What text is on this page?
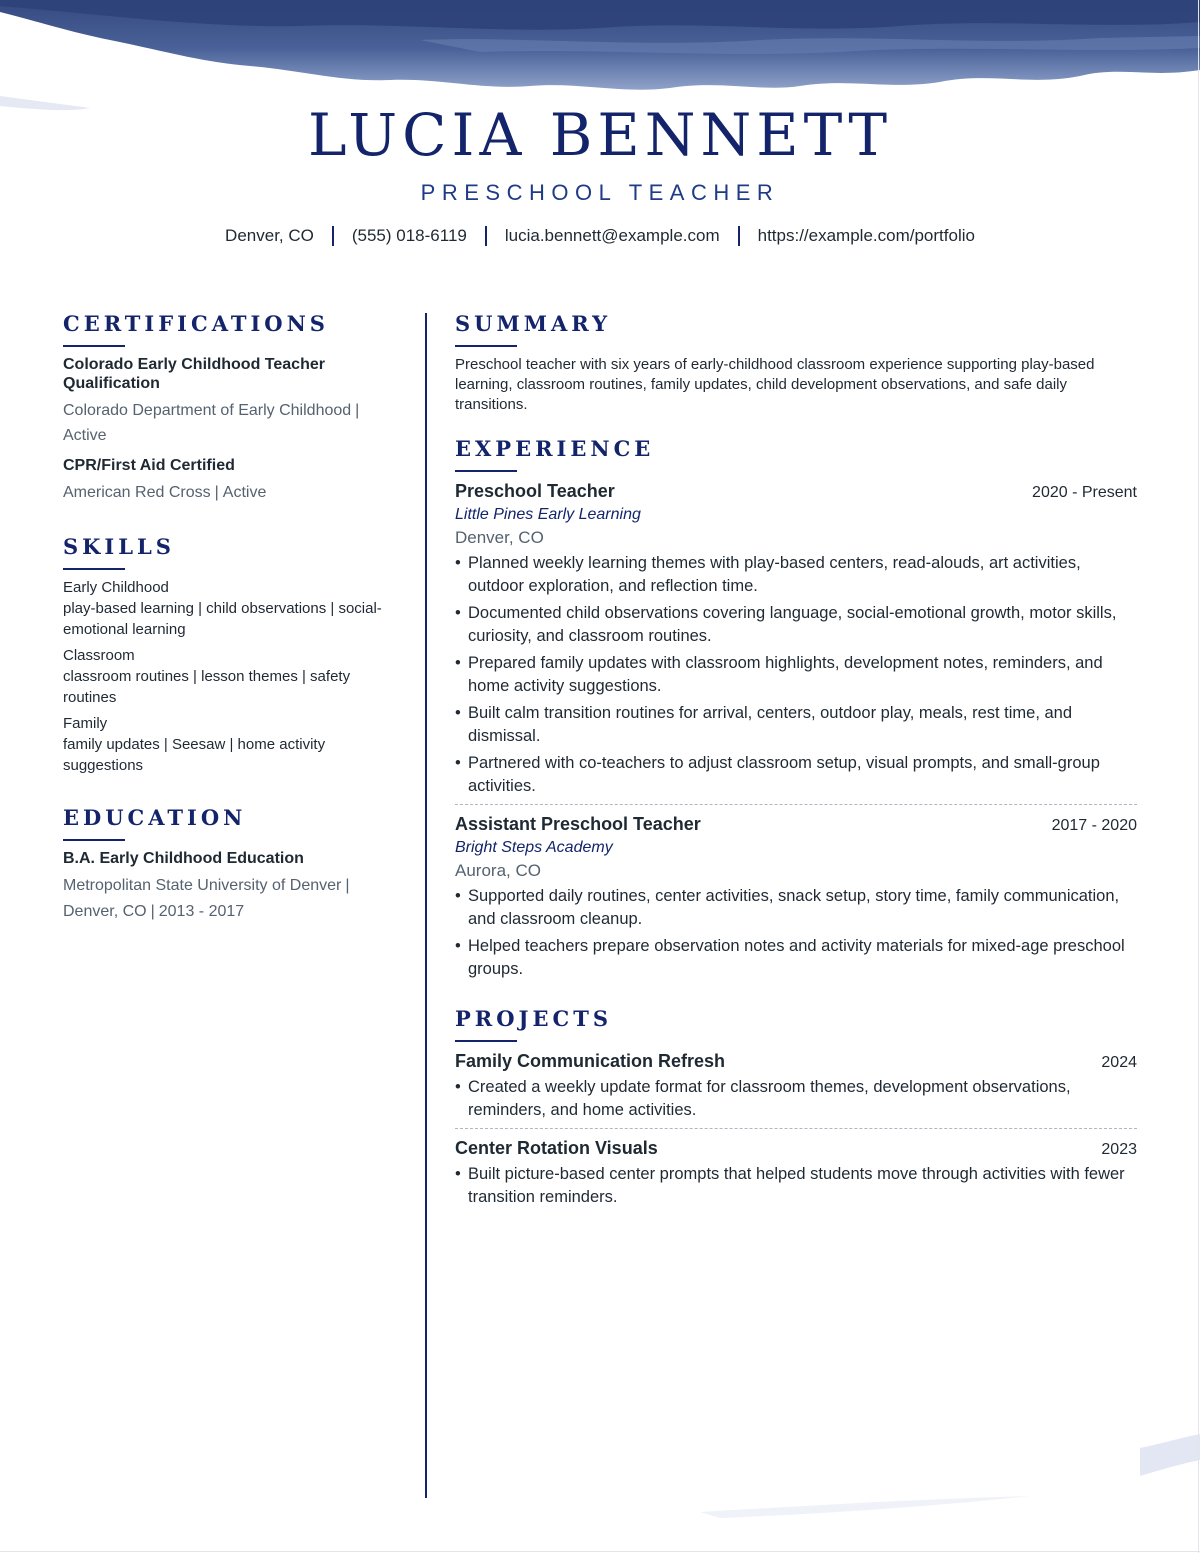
LUCIA BENNETT
PRESCHOOL TEACHER
Denver, CO	(555) 018-6119	lucia.bennett@example.com	https://example.com/portfolio
CERTIFICATIONS
Colorado Early Childhood Teacher Qualification
Colorado Department of Early Childhood |
Active
CPR/First Aid Certified
American Red Cross | Active
SKILLS
Early Childhood
play-based learning | child observations | social-emotional learning
Classroom
classroom routines | lesson themes | safety routines
Family
family updates | Seesaw | home activity suggestions
EDUCATION
B.A. Early Childhood Education
Metropolitan State University of Denver |
Denver, CO | 2013 - 2017
SUMMARY
Preschool teacher with six years of early-childhood classroom experience supporting play-based learning, classroom routines, family updates, child development observations, and safe daily transitions.
EXPERIENCE
Preschool Teacher	2020 - Present
Little Pines Early Learning
Denver, CO
• Planned weekly learning themes with play-based centers, read-alouds, art activities, outdoor exploration, and reflection time.
• Documented child observations covering language, social-emotional growth, motor skills, curiosity, and classroom routines.
• Prepared family updates with classroom highlights, development notes, reminders, and home activity suggestions.
• Built calm transition routines for arrival, centers, outdoor play, meals, rest time, and dismissal.
• Partnered with co-teachers to adjust classroom setup, visual prompts, and small-group activities.
Assistant Preschool Teacher	2017 - 2020
Bright Steps Academy
Aurora, CO
• Supported daily routines, center activities, snack setup, story time, family communication, and classroom cleanup.
• Helped teachers prepare observation notes and activity materials for mixed-age preschool groups.
PROJECTS
Family Communication Refresh	2024
• Created a weekly update format for classroom themes, development observations, reminders, and home activities.
Center Rotation Visuals	2023
• Built picture-based center prompts that helped students move through activities with fewer transition reminders.
